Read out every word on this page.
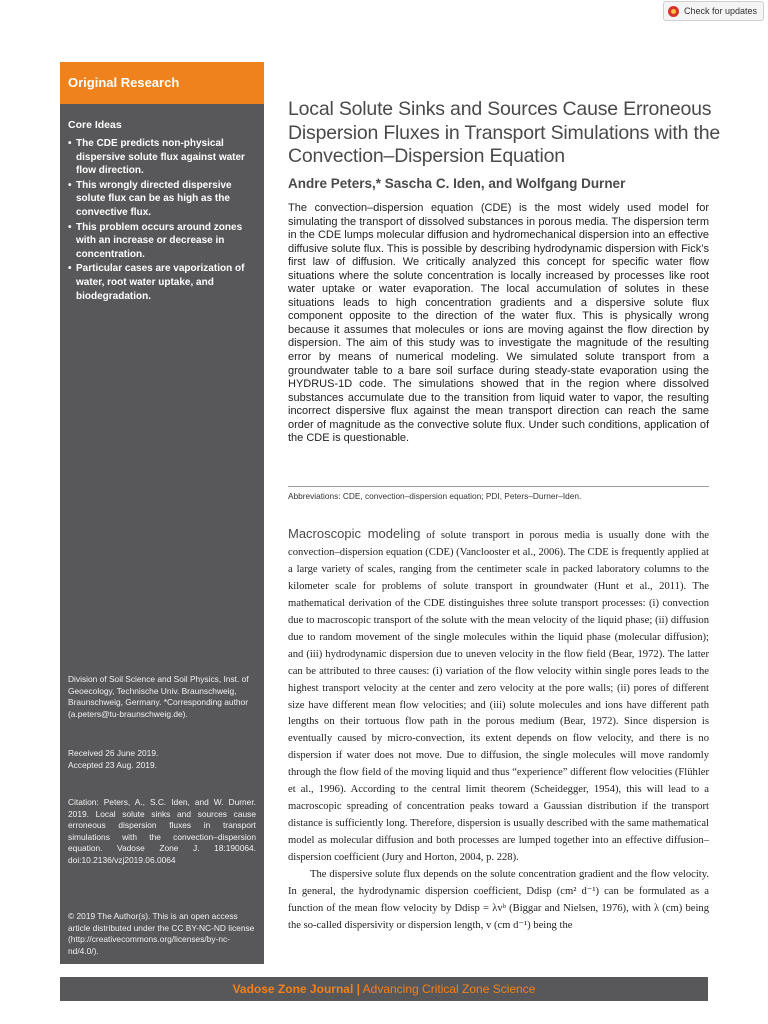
Check for updates
Original Research
Core Ideas
• The CDE predicts non-physical dispersive solute flux against water flow direction.
• This wrongly directed dispersive solute flux can be as high as the convective flux.
• This problem occurs around zones with an increase or decrease in concentration.
• Particular cases are vaporization of water, root water uptake, and biodegradation.
Division of Soil Science and Soil Physics, Inst. of Geoecology, Technische Univ. Braunschweig, Braunschweig, Germany. *Corresponding author (a.peters@tu-braunschweig.de).
Received 26 June 2019.
Accepted 23 Aug. 2019.
Citation: Peters, A., S.C. Iden, and W. Durner. 2019. Local solute sinks and sources cause erroneous dispersion fluxes in transport simulations with the convection–dispersion equation. Vadose Zone J. 18:190064. doi:10.2136/vzj2019.06.0064
© 2019 The Author(s). This is an open access article distributed under the CC BY-NC-ND license (http://creativecommons.org/licenses/by-nc-nd/4.0/).
Local Solute Sinks and Sources Cause Erroneous Dispersion Fluxes in Transport Simulations with the Convection–Dispersion Equation
Andre Peters,* Sascha C. Iden, and Wolfgang Durner

The convection–dispersion equation (CDE) is the most widely used model for simulating the transport of dissolved substances in porous media. The dispersion term in the CDE lumps molecular diffusion and hydromechanical dispersion into an effective diffusive solute flux. This is possible by describing hydrodynamic dispersion with Fick’s first law of diffusion. We critically analyzed this concept for specific water flow situations where the solute concentration is locally increased by processes like root water uptake or water evaporation. The local accumulation of solutes in these situations leads to high concentration gradients and a dispersive solute flux component opposite to the direction of the water flux. This is physically wrong because it assumes that molecules or ions are moving against the flow direction by dispersion. The aim of this study was to investigate the magnitude of the resulting error by means of numerical modeling. We simulated solute transport from a groundwater table to a bare soil surface during steady-state evaporation using the HYDRUS-1D code. The simulations showed that in the region where dissolved substances accumulate due to the transition from liquid water to vapor, the resulting incorrect dispersive flux against the mean transport direction can reach the same order of magnitude as the convective solute flux. Under such conditions, application of the CDE is questionable.

Abbreviations: CDE, convection–dispersion equation; PDI, Peters–Durner–Iden.

Macroscopic modeling of solute transport in porous media is usually done with the convection–dispersion equation (CDE) (Vanclooster et al., 2006). The CDE is frequently applied at a large variety of scales, ranging from the centimeter scale in packed laboratory columns to the kilometer scale for problems of solute transport in groundwater (Hunt et al., 2011). The mathematical derivation of the CDE distinguishes three solute transport processes: (i) convection due to macroscopic transport of the solute with the mean velocity of the liquid phase; (ii) diffusion due to random movement of the single molecules within the liquid phase (molecular diffusion); and (iii) hydrodynamic dispersion due to uneven velocity in the flow field (Bear, 1972). The latter can be attributed to three causes: (i) variation of the flow velocity within single pores leads to the highest transport velocity at the center and zero velocity at the pore walls; (ii) pores of different size have different mean flow velocities; and (iii) solute molecules and ions have different path lengths on their tortuous flow path in the porous medium (Bear, 1972). Since dispersion is eventually caused by micro-convection, its extent depends on flow velocity, and there is no dispersion if water does not move. Due to diffusion, the single molecules will move randomly through the flow field of the moving liquid and thus “experience” different flow velocities (Flühler et al., 1996). According to the central limit theorem (Scheidegger, 1954), this will lead to a macroscopic spreading of concentration peaks toward a Gaussian distribution if the transport distance is sufficiently long. Therefore, dispersion is usually described with the same mathematical model as molecular diffusion and both processes are lumped together into an effective diffusion–dispersion coefficient (Jury and Horton, 2004, p. 228).
The dispersive solute flux depends on the solute concentration gradient and the flow velocity. In general, the hydrodynamic dispersion coefficient, Ddisp (cm² d⁻¹) can be formulated as a function of the mean flow velocity by Ddisp = λvᵇ (Biggar and Nielsen, 1976), with λ (cm) being the so-called dispersivity or dispersion length, v (cm d⁻¹) being the

Vadose Zone Journal | Advancing Critical Zone Science
